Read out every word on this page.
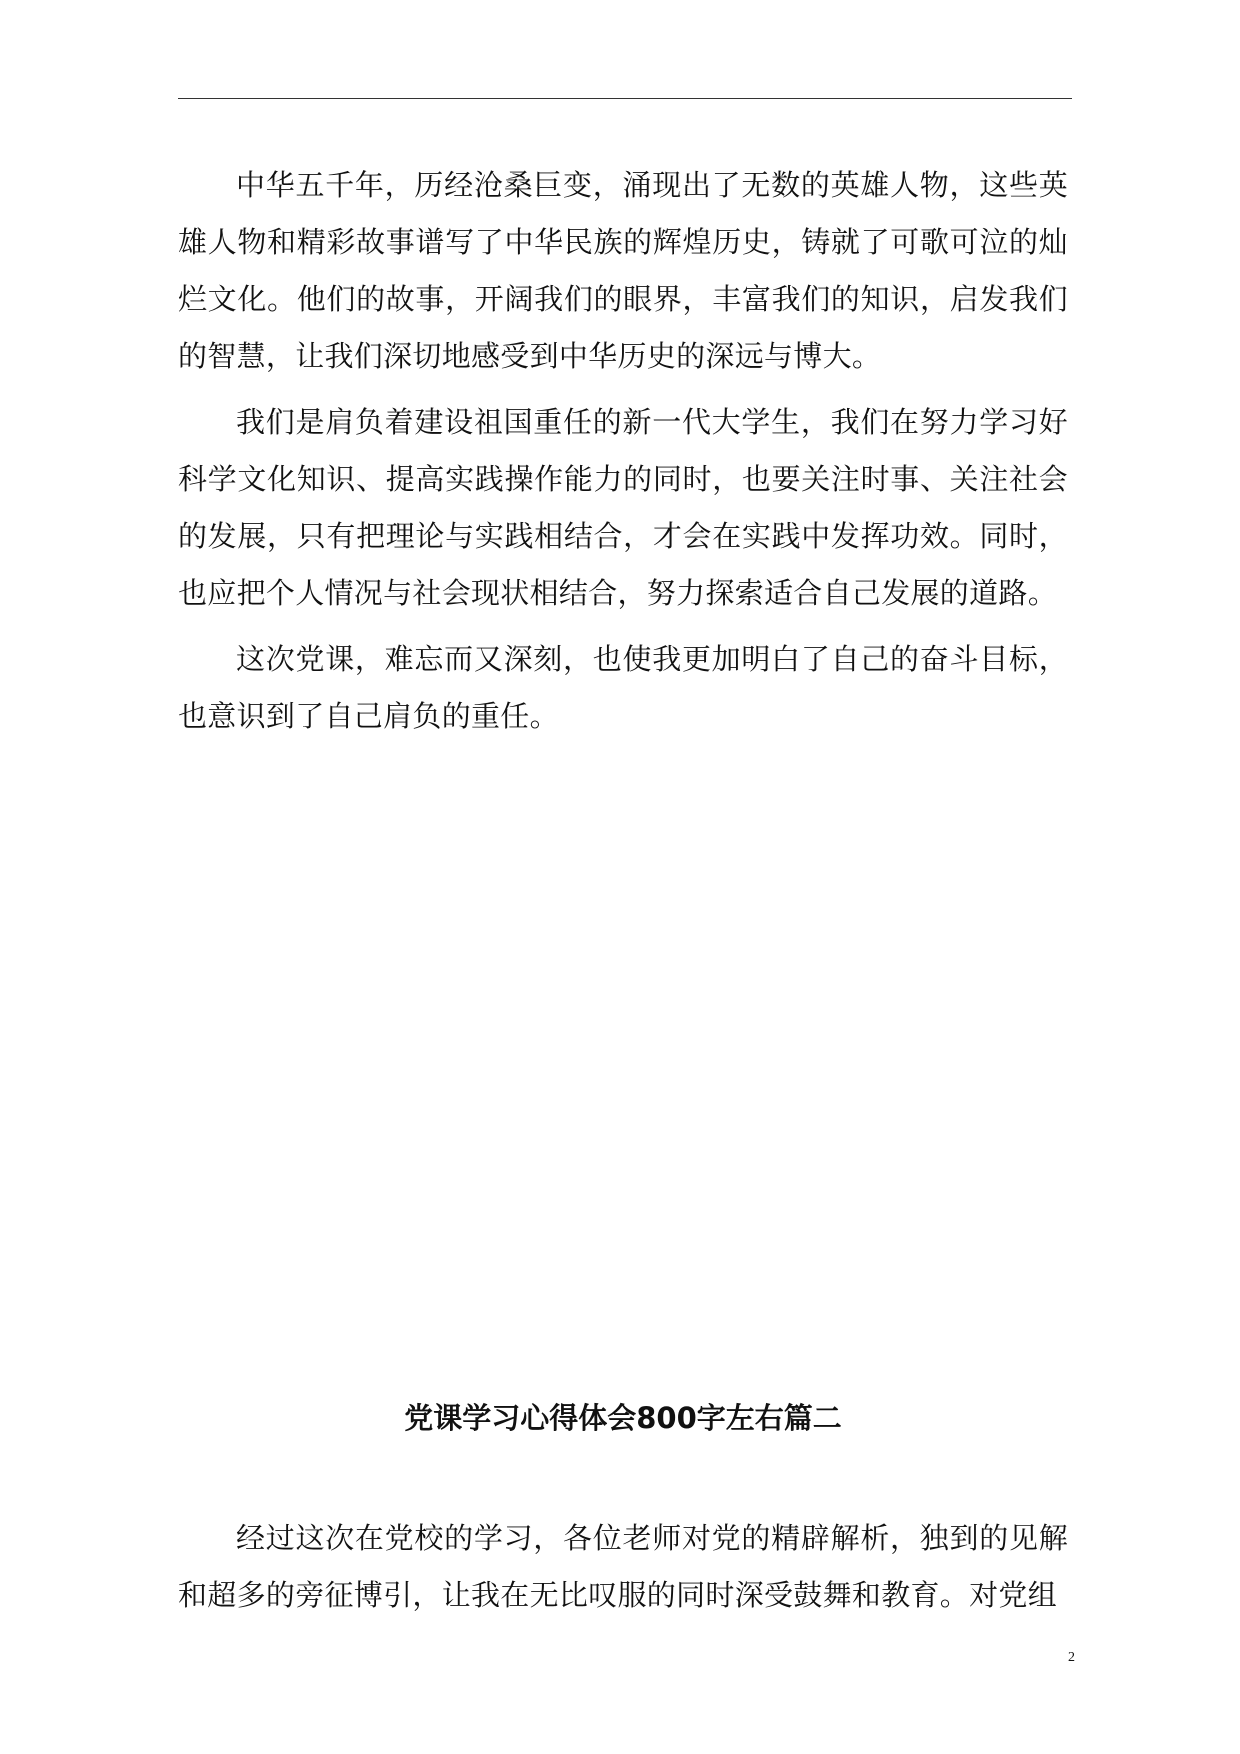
中华五千年，历经沧桑巨变，涌现出了无数的英雄人物，这些英雄人物和精彩故事谱写了中华民族的辉煌历史，铸就了可歌可泣的灿烂文化。他们的故事，开阔我们的眼界，丰富我们的知识，启发我们的智慧，让我们深切地感受到中华历史的深远与博大。

我们是肩负着建设祖国重任的新一代大学生，我们在努力学习好科学文化知识、提高实践操作能力的同时，也要关注时事、关注社会的发展，只有把理论与实践相结合，才会在实践中发挥功效。同时，也应把个人情况与社会现状相结合，努力探索适合自己发展的道路。

这次党课，难忘而又深刻，也使我更加明白了自己的奋斗目标，也意识到了自己肩负的重任。

党课学习心得体会800字左右篇二

经过这次在党校的学习，各位老师对党的精辟解析，独到的见解和超多的旁征博引，让我在无比叹服的同时深受鼓舞和教育。对党组

2
